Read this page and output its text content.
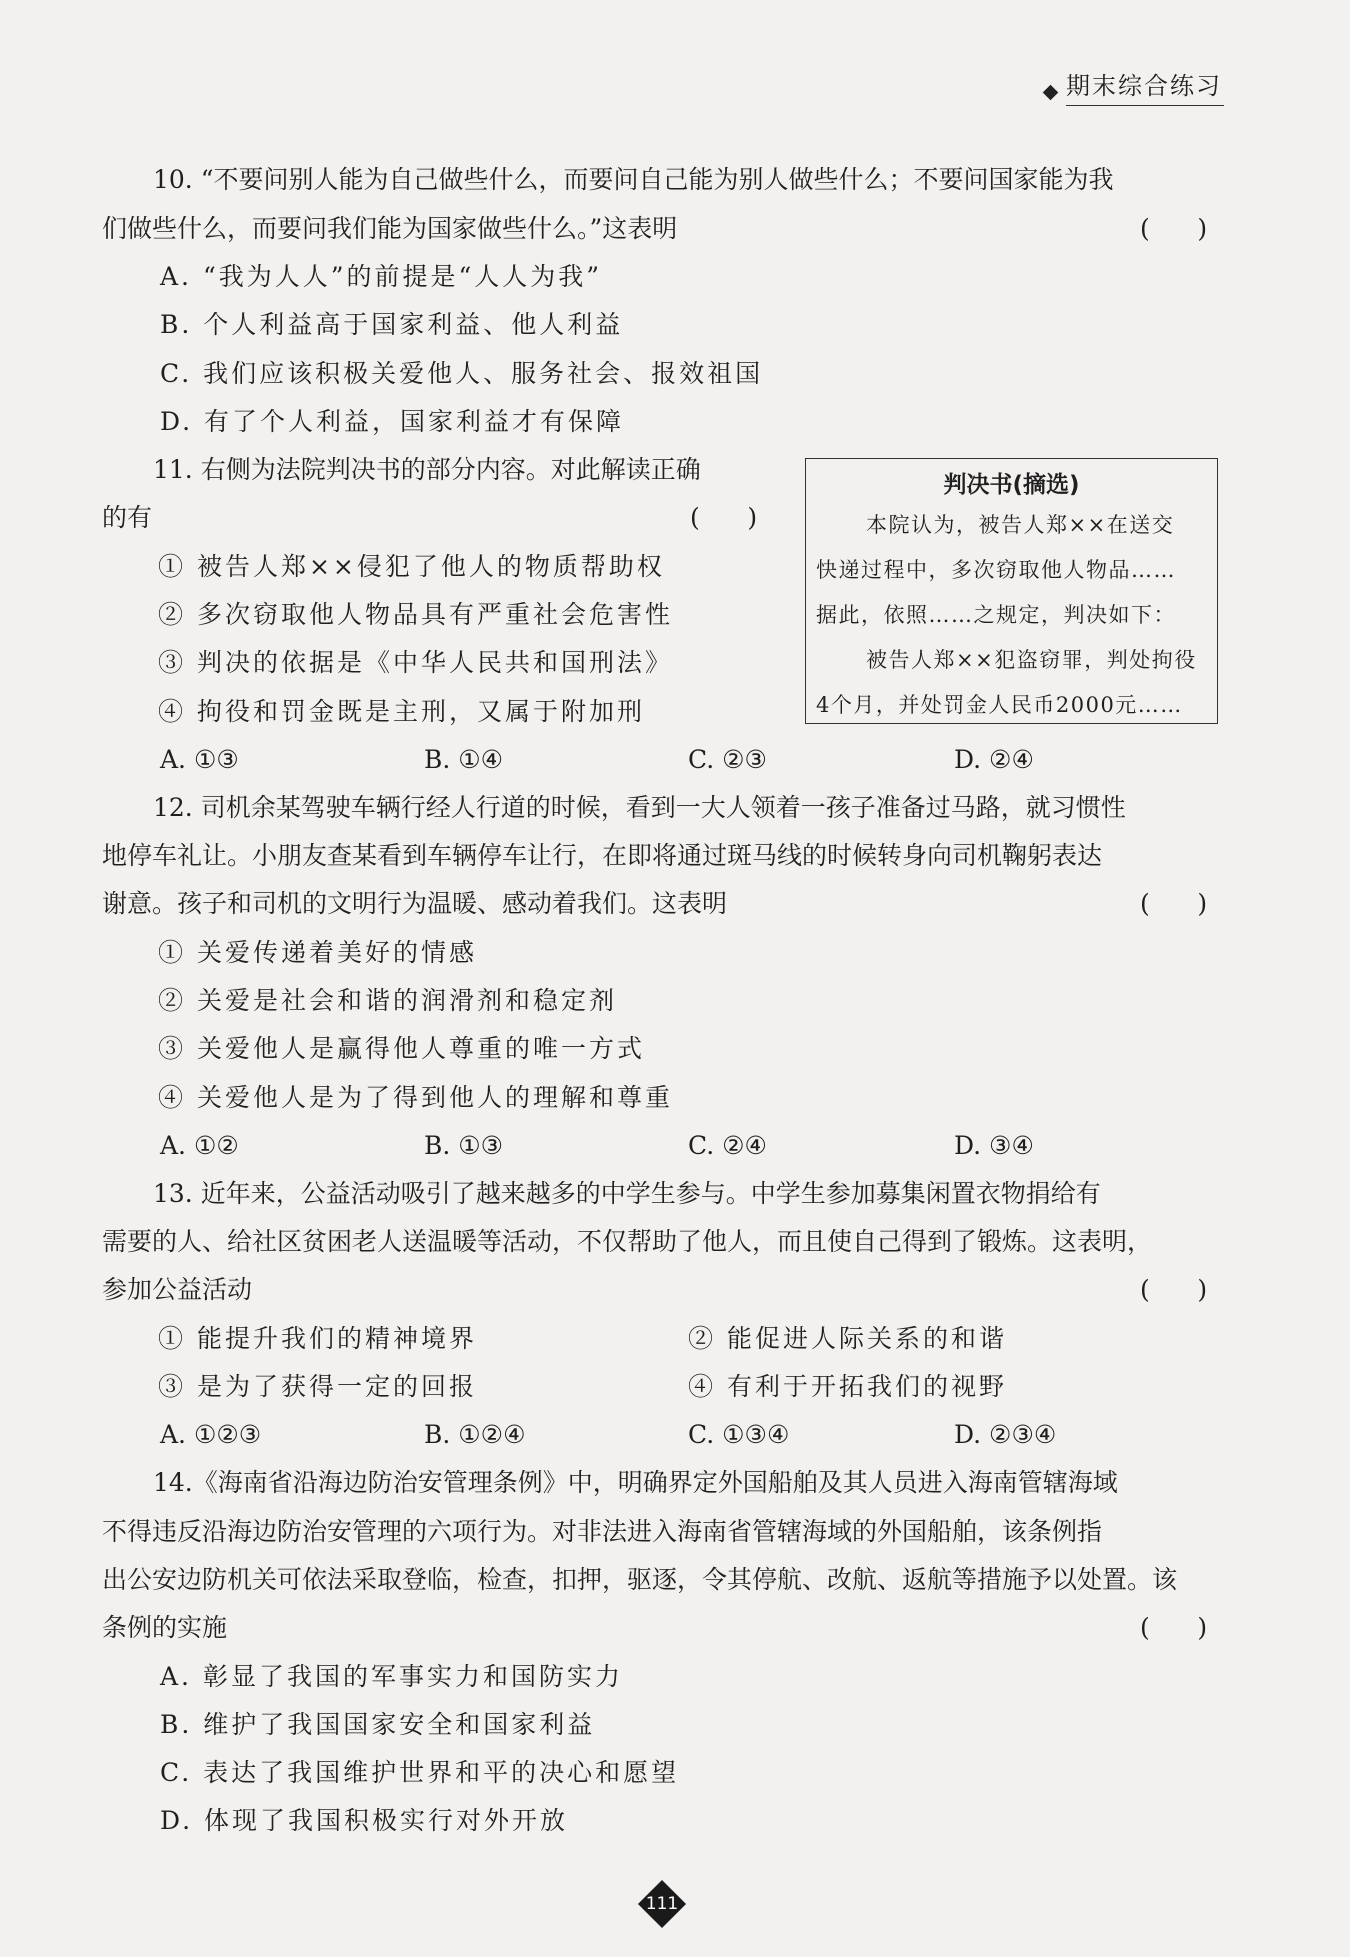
期末综合练习
10. “不要问别人能为自己做些什么，而要问自己能为别人做些什么；不要问国家能为我
们做些什么，而要问我们能为国家做些什么。”这表明	(      )
A. “我为人人”的前提是“人人为我”
B. 个人利益高于国家利益、他人利益
C. 我们应该积极关爱他人、服务社会、报效祖国
D. 有了个人利益，国家利益才有保障
11. 右侧为法院判决书的部分内容。对此解读正确
的有	(      )
① 被告人郑××侵犯了他人的物质帮助权
② 多次窃取他人物品具有严重社会危害性
③ 判决的依据是《中华人民共和国刑法》
④ 拘役和罚金既是主刑，又属于附加刑
A. ①③	B. ①④	C. ②③	D. ②④
判决书(摘选)
本院认为，被告人郑××在送交
快递过程中，多次窃取他人物品……
据此，依照……之规定，判决如下：
被告人郑××犯盗窃罪，判处拘役
4个月，并处罚金人民币2000元……
12. 司机余某驾驶车辆行经人行道的时候，看到一大人领着一孩子准备过马路，就习惯性
地停车礼让。小朋友查某看到车辆停车让行，在即将通过斑马线的时候转身向司机鞠躬表达
谢意。孩子和司机的文明行为温暖、感动着我们。这表明	(      )
① 关爱传递着美好的情感
② 关爱是社会和谐的润滑剂和稳定剂
③ 关爱他人是赢得他人尊重的唯一方式
④ 关爱他人是为了得到他人的理解和尊重
A. ①②	B. ①③	C. ②④	D. ③④
13. 近年来，公益活动吸引了越来越多的中学生参与。中学生参加募集闲置衣物捐给有
需要的人、给社区贫困老人送温暖等活动，不仅帮助了他人，而且使自己得到了锻炼。这表明，
参加公益活动	(      )
① 能提升我们的精神境界	② 能促进人际关系的和谐
③ 是为了获得一定的回报	④ 有利于开拓我们的视野
A. ①②③	B. ①②④	C. ①③④	D. ②③④
14.《海南省沿海边防治安管理条例》中，明确界定外国船舶及其人员进入海南管辖海域
不得违反沿海边防治安管理的六项行为。对非法进入海南省管辖海域的外国船舶，该条例指
出公安边防机关可依法采取登临，检查，扣押，驱逐，令其停航、改航、返航等措施予以处置。该
条例的实施	(      )
A. 彰显了我国的军事实力和国防实力
B. 维护了我国国家安全和国家利益
C. 表达了我国维护世界和平的决心和愿望
D. 体现了我国积极实行对外开放
111
